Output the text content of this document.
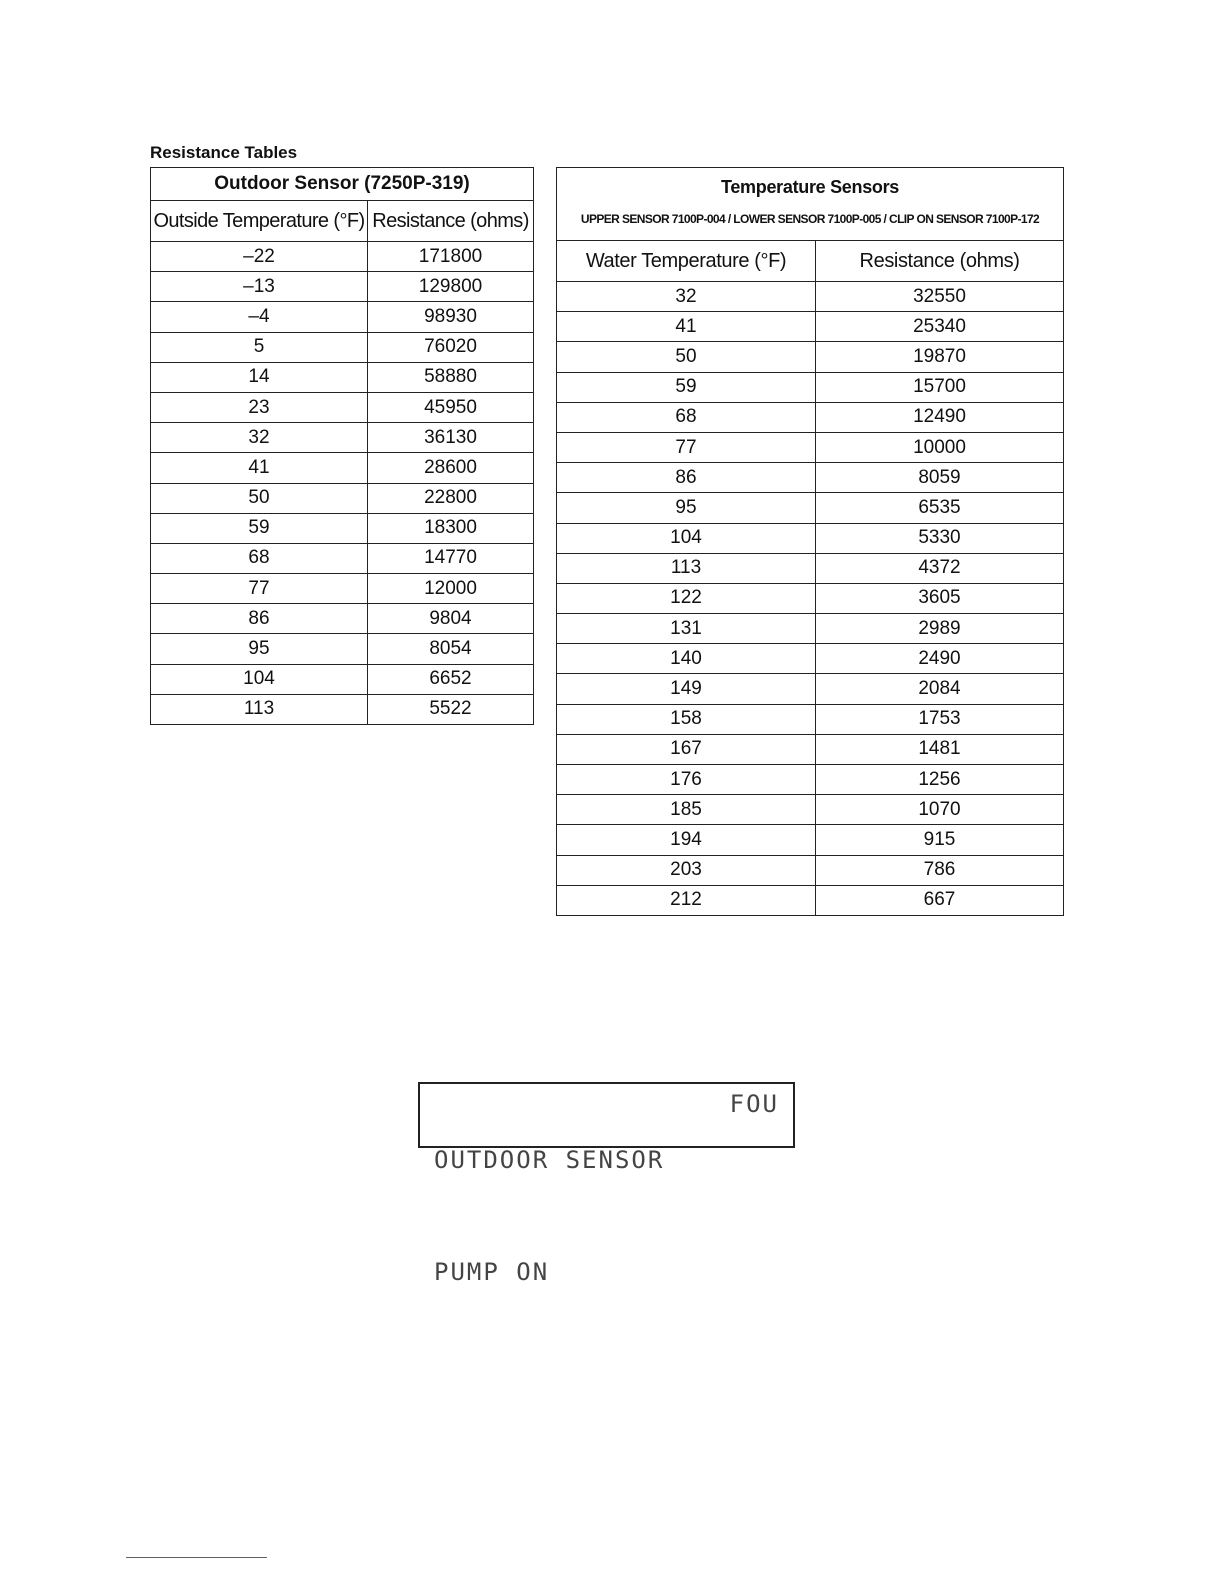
Resistance Tables
Outdoor Sensor (7250P-319)	
Outside Temperature (°F)	Resistance (ohms)
–22	171800
–13	129800
–4	98930
5	76020
14	58880
23	45950
32	36130
41	28600
50	22800
59	18300
68	14770
77	12000
86	9804
95	8054
104	6652
113	5522
Temperature Sensors	
UPPER SENSOR 7100P-004 / LOWER SENSOR 7100P-005 / CLIP ON SENSOR 7100P-172	
Water Temperature (°F)	Resistance (ohms)
32	32550
41	25340
50	19870
59	15700
68	12490
77	10000
86	8059
95	6535
104	5330
113	4372
122	3605
131	2989
140	2490
149	2084
158	1753
167	1481
176	1256
185	1070
194	915
203	786
212	667

OUTDOOR SENSOR

FOU

PUMP ON
